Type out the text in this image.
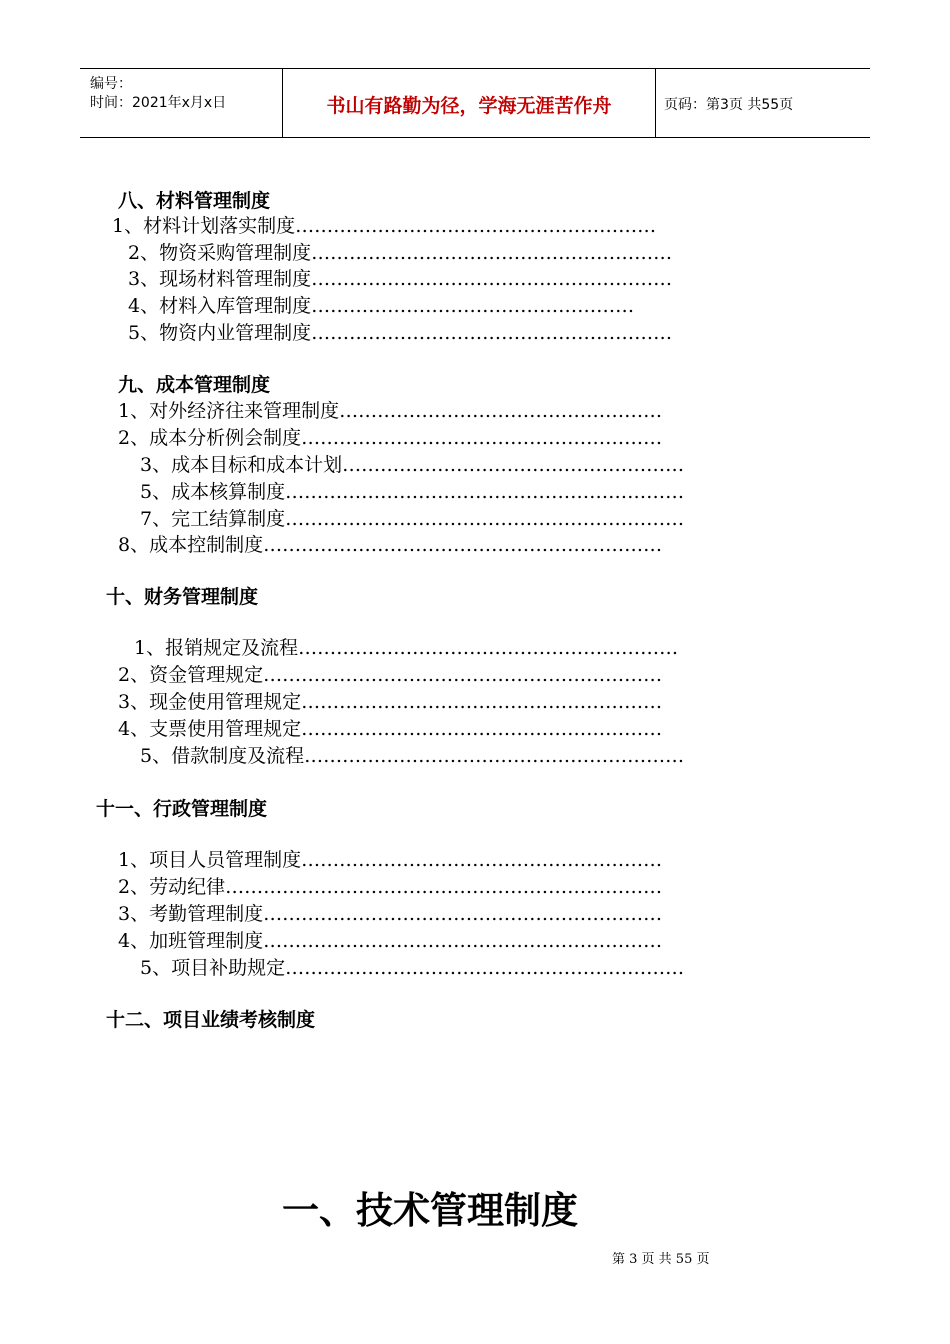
编号：
时间：2021年x月x日	书山有路勤为径，学海无涯苦作舟	页码：第3页 共55页
八、材料管理制度
1、材料计划落实制度…………………………………………………
2、物资采购管理制度…………………………………………………
3、现场材料管理制度…………………………………………………
4、材料入库管理制度……………………………………………
5、物资内业管理制度…………………………………………………
九、成本管理制度
1、对外经济往来管理制度……………………………………………
2、成本分析例会制度…………………………………………………
3、成本目标和成本计划………………………………………………
5、成本核算制度………………………………………………………
7、完工结算制度………………………………………………………
8、成本控制制度………………………………………………………
十、财务管理制度
1、报销规定及流程……………………………………………………
2、资金管理规定………………………………………………………
3、现金使用管理规定…………………………………………………
4、支票使用管理规定…………………………………………………
5、借款制度及流程……………………………………………………
十一、行政管理制度
1、项目人员管理制度…………………………………………………
2、劳动纪律……………………………………………………………
3、考勤管理制度………………………………………………………
4、加班管理制度………………………………………………………
5、项目补助规定………………………………………………………
十二、项目业绩考核制度
一、技术管理制度
第 3 页 共 55 页
